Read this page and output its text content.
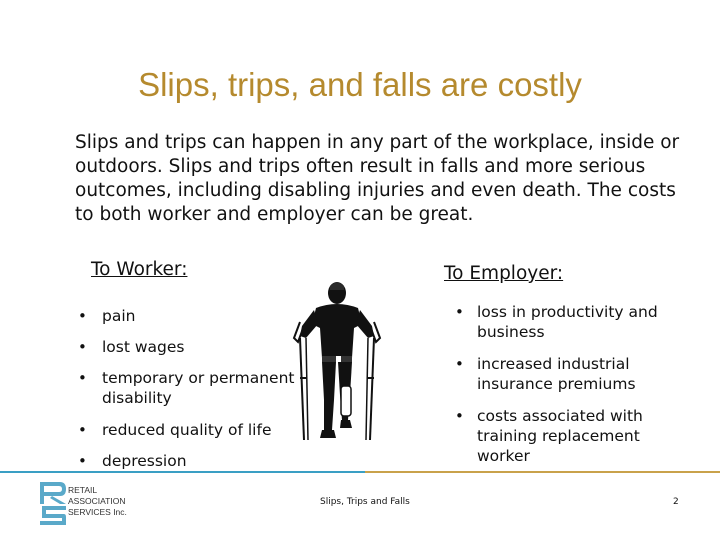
Slips, trips, and falls are costly
Slips and trips can happen in any part of the workplace, inside or outdoors. Slips and trips often result in falls and more serious outcomes, including disabling injuries and even death. The costs to both worker and employer can be great.
To Worker:	To Employer:
• pain
• lost wages
• temporary or permanent disability
• reduced quality of life
• depression
• loss in productivity and business
• increased industrial insurance premiums
• costs associated with training replacement worker
RETAIL
ASSOCIATION
SERVICES Inc.
Slips, Trips and Falls	2
